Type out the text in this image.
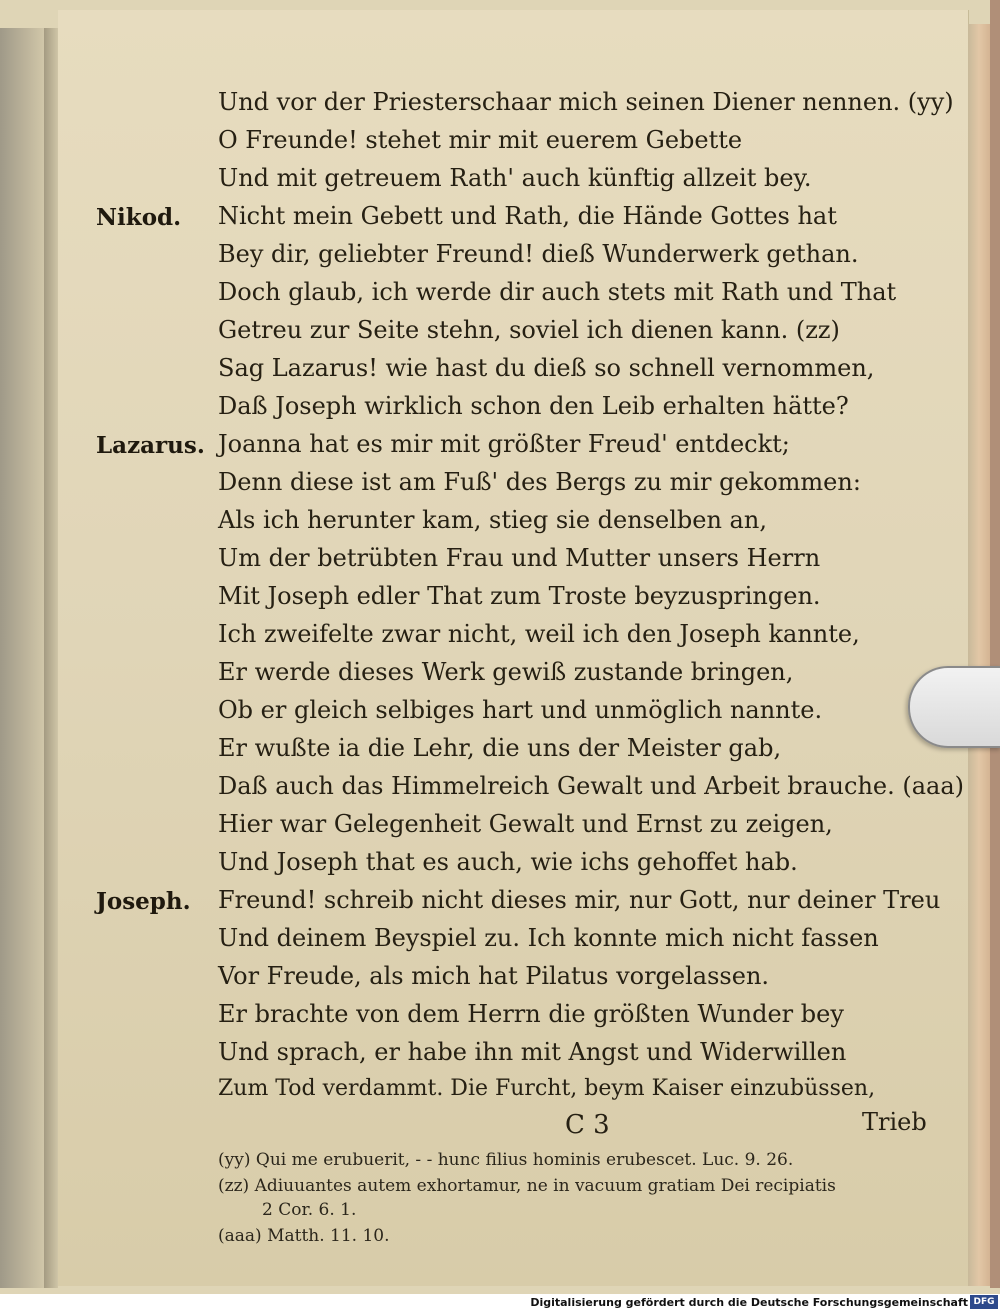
Und vor der Priesterschaar mich seinen Diener nennen. (yy)
O Freunde! stehet mir mit euerem Gebette
Und mit getreuem Rath' auch künftig allzeit bey.
Nikod. Nicht mein Gebett und Rath, die Hände Gottes hat
Bey dir, geliebter Freund! dieß Wunderwerk gethan.
Doch glaub, ich werde dir auch stets mit Rath und That
Getreu zur Seite stehn, soviel ich dienen kann. (zz)
Sag Lazarus! wie hast du dieß so schnell vernommen,
Daß Joseph wirklich schon den Leib erhalten hätte?
Lazarus. Joanna hat es mir mit größter Freud' entdeckt;
Denn diese ist am Fuß' des Bergs zu mir gekommen:
Als ich herunter kam, stieg sie denselben an,
Um der betrübten Frau und Mutter unsers Herrn
Mit Joseph edler That zum Troste beyzuspringen.
Ich zweifelte zwar nicht, weil ich den Joseph kannte,
Er werde dieses Werk gewiß zustande bringen,
Ob er gleich selbiges hart und unmöglich nannte.
Er wußte ia die Lehr, die uns der Meister gab,
Daß auch das Himmelreich Gewalt und Arbeit brauche. (aaa)
Hier war Gelegenheit Gewalt und Ernst zu zeigen,
Und Joseph that es auch, wie ichs gehoffet hab.
Joseph. Freund! schreib nicht dieses mir, nur Gott, nur deiner Treu
Und deinem Beyspiel zu. Ich konnte mich nicht fassen
Vor Freude, als mich hat Pilatus vorgelassen.
Er brachte von dem Herrn die größten Wunder bey
Und sprach, er habe ihn mit Angst und Widerwillen
Zum Tod verdammt. Die Furcht, beym Kaiser einzubüssen,
C 3	Trieb
(yy) Qui me erubuerit, - - hunc filius hominis erubescet. Luc. 9. 26.
(zz) Adiuuantes autem exhortamur, ne in vacuum gratiam Dei recipiatis
2 Cor. 6. 1.
(aaa) Matth. 11. 10.
Digitalisierung gefördert durch die Deutsche Forschungsgemeinschaft DFG
